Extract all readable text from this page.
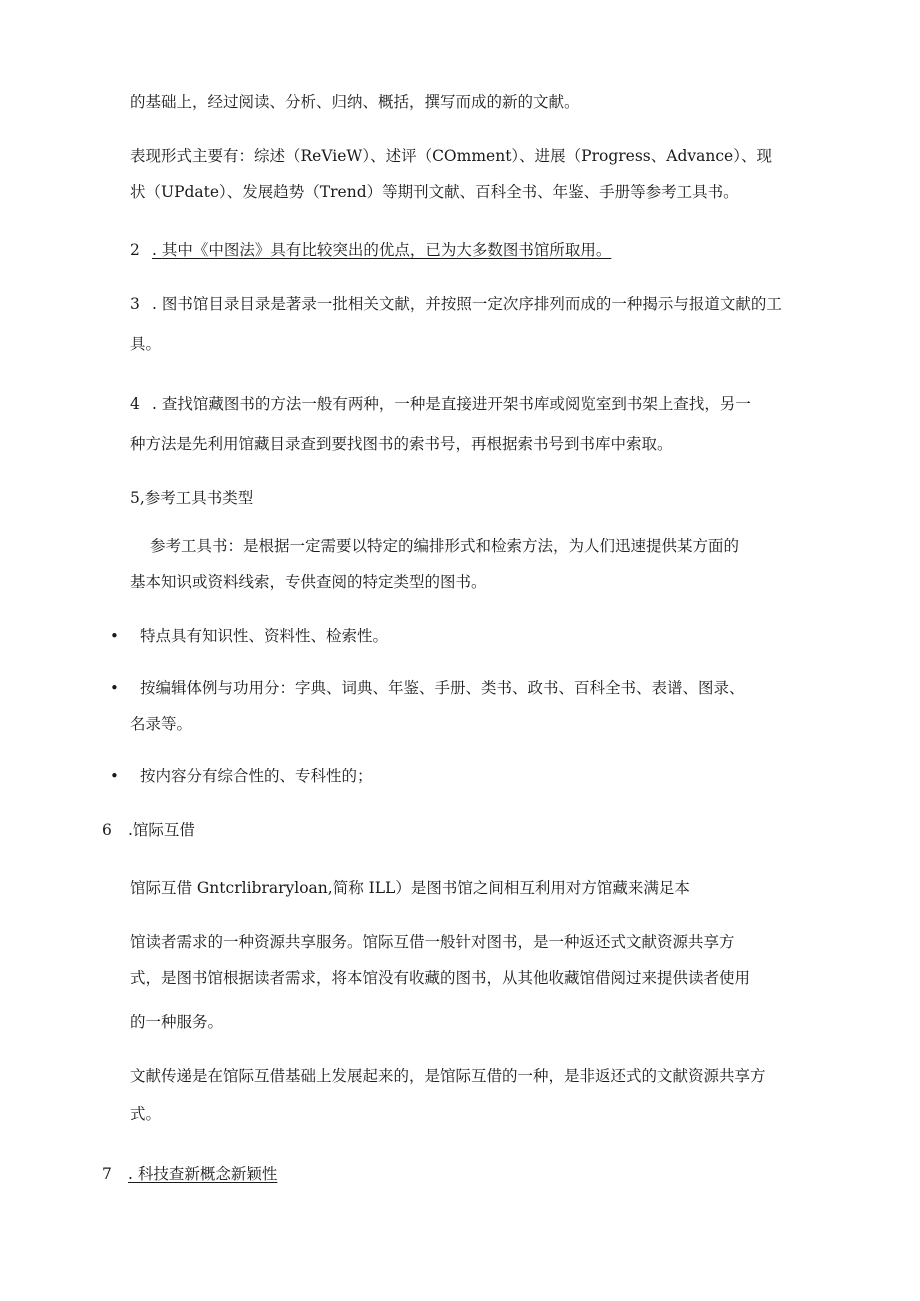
的基础上，经过阅读、分析、归纳、概括，撰写而成的新的文献。

表现形式主要有：综述（ReVieW）、述评（COmment）、进展（Progress、Advance）、现

状（UPdate）、发展趋势（Trend）等期刊文献、百科全书、年鉴、手册等参考工具书。

2 . 其中《中图法》具有比较突出的优点，已为大多数图书馆所取用。

3 . 图书馆目录目录是著录一批相关文献，并按照一定次序排列而成的一种揭示与报道文献的工

具。

4 . 查找馆藏图书的方法一般有两种，一种是直接进开架书库或阅览室到书架上查找，另一

种方法是先利用馆藏目录查到要找图书的索书号，再根据索书号到书库中索取。

5,参考工具书类型

参考工具书：是根据一定需要以特定的编排形式和检索方法，为人们迅速提供某方面的

基本知识或资料线索，专供查阅的特定类型的图书。

• 特点具有知识性、资料性、检索性。

• 按编辑体例与功用分：字典、词典、年鉴、手册、类书、政书、百科全书、表谱、图录、

名录等。

• 按内容分有综合性的、专科性的；

6 .馆际互借

馆际互借 Gntcrlibraryloan,简称 ILL）是图书馆之间相互利用对方馆藏来满足本

馆读者需求的一种资源共享服务。馆际互借一般针对图书，是一种返还式文献资源共享方

式，是图书馆根据读者需求，将本馆没有收藏的图书，从其他收藏馆借阅过来提供读者使用

的一种服务。

文献传递是在馆际互借基础上发展起来的，是馆际互借的一种，是非返还式的文献资源共享方

式。

7 . 科技查新概念新颖性
